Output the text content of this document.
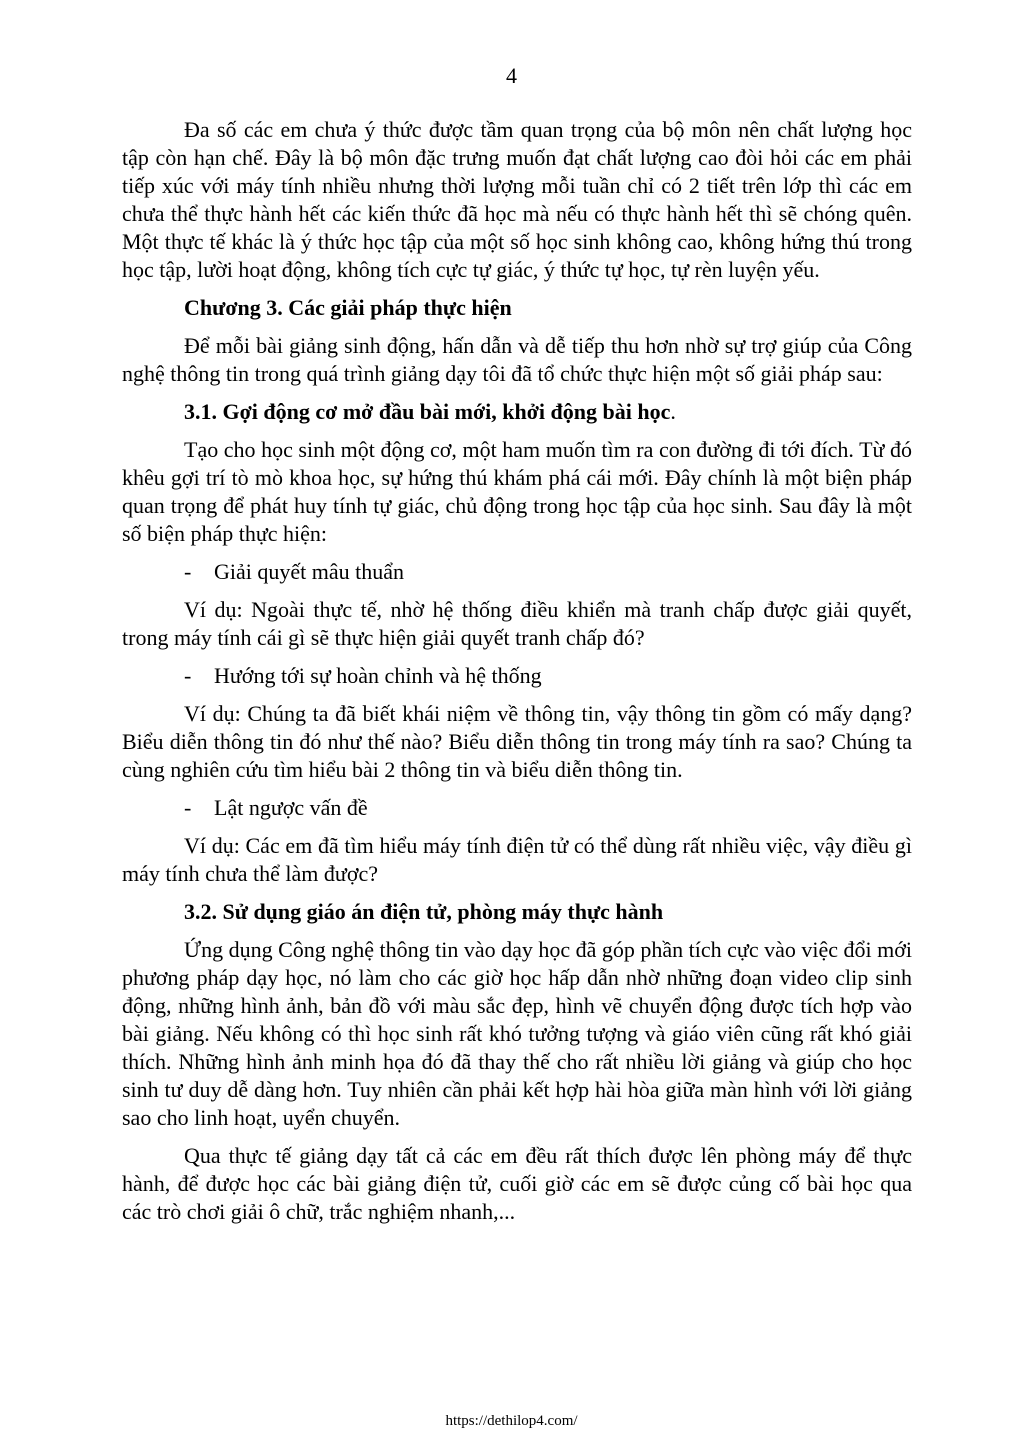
4

Đa số các em chưa ý thức được tầm quan trọng của bộ môn nên chất lượng học tập còn hạn chế. Đây là bộ môn đặc trưng muốn đạt chất lượng cao đòi hỏi các em phải tiếp xúc với máy tính nhiều nhưng thời lượng mỗi tuần chỉ có 2 tiết trên lớp thì các em chưa thể thực hành hết các kiến thức đã học mà nếu có thực hành hết thì sẽ chóng quên. Một thực tế khác là ý thức học tập của một số học sinh không cao, không hứng thú trong học tập, lười hoạt động, không tích cực tự giác, ý thức tự học, tự rèn luyện yếu.

Chương 3. Các giải pháp thực hiện

Để mỗi bài giảng sinh động, hấn dẫn và dễ tiếp thu hơn nhờ sự trợ giúp của Công nghệ thông tin trong quá trình giảng dạy tôi đã tổ chức thực hiện một số giải pháp sau:

3.1. Gợi động cơ mở đầu bài mới, khởi động bài học.

Tạo cho học sinh một động cơ, một ham muốn tìm ra con đường đi tới đích. Từ đó khêu gợi trí tò mò khoa học, sự hứng thú khám phá cái mới. Đây chính là một biện pháp quan trọng để phát huy tính tự giác, chủ động trong học tập của học sinh. Sau đây là một số biện pháp thực hiện:

-	Giải quyết mâu thuẩn

Ví dụ: Ngoài thực tế, nhờ hệ thống điều khiển mà tranh chấp được giải quyết, trong máy tính cái gì sẽ thực hiện giải quyết tranh chấp đó?

-	Hướng tới sự hoàn chỉnh và hệ thống

Ví dụ: Chúng ta đã biết khái niệm về thông tin, vậy thông tin gồm có mấy dạng? Biểu diễn thông tin đó như thế nào? Biểu diễn thông tin trong máy tính ra sao? Chúng ta cùng nghiên cứu tìm hiểu bài 2 thông tin và biểu diễn thông tin.

-	Lật ngược vấn đề

Ví dụ: Các em đã tìm hiểu máy tính điện tử có thể dùng rất nhiều việc, vậy điều gì máy tính chưa thể làm được?

3.2. Sử dụng giáo án điện tử, phòng máy thực hành

Ứng dụng Công nghệ thông tin vào dạy học đã góp phần tích cực vào việc đổi mới phương pháp dạy học, nó làm cho các giờ học hấp dẫn nhờ những đoạn video clip sinh động, những hình ảnh, bản đồ với màu sắc đẹp, hình vẽ chuyển động được tích hợp vào bài giảng. Nếu không có thì học sinh rất khó tưởng tượng và giáo viên cũng rất khó giải thích. Những hình ảnh minh họa đó đã thay thế cho rất nhiều lời giảng và giúp cho học sinh tư duy dễ dàng hơn. Tuy nhiên cần phải kết hợp hài hòa giữa màn hình với lời giảng sao cho linh hoạt, uyển chuyển.

Qua thực tế giảng dạy tất cả các em đều rất thích được lên phòng máy để thực hành, để được học các bài giảng điện tử, cuối giờ các em sẽ được củng cố bài học qua các trò chơi giải ô chữ, trắc nghiệm nhanh,...

https://dethilop4.com/
